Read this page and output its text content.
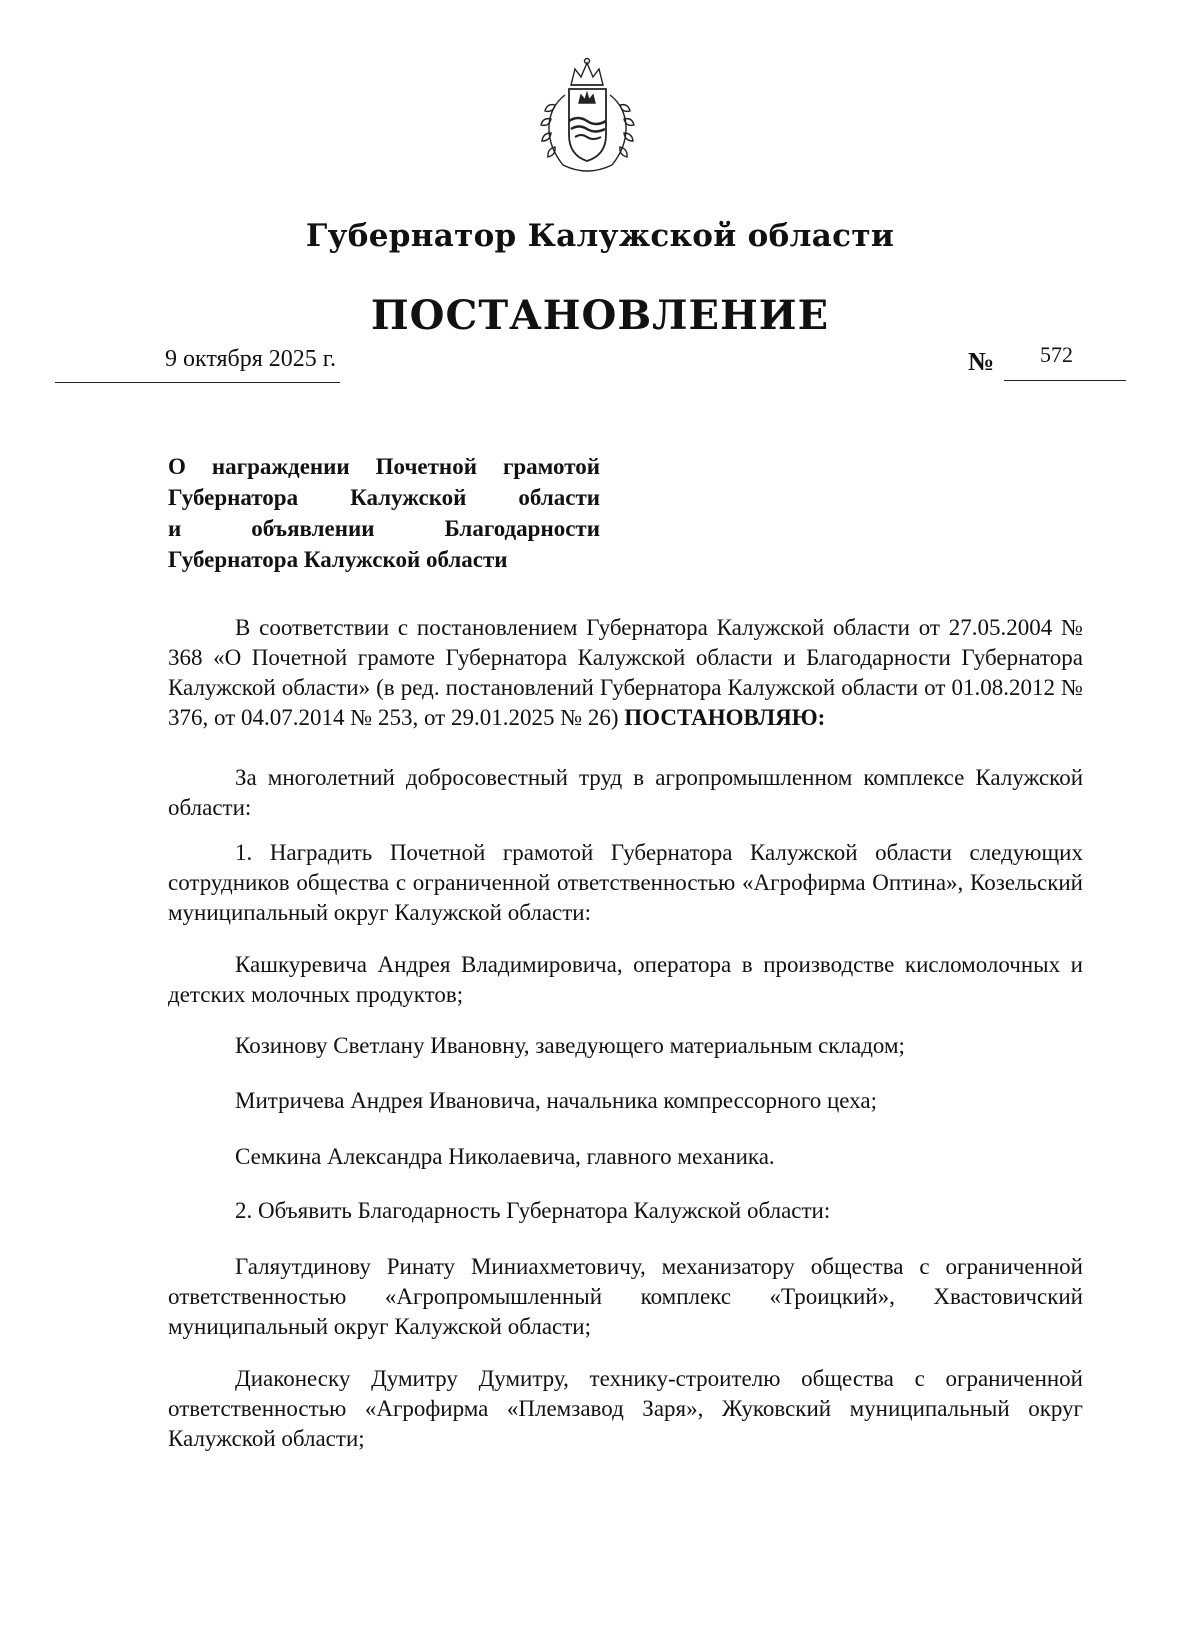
Губернатор Калужской области
ПОСТАНОВЛЕНИЕ
9 октября 2025 г.	№ 572
О награждении Почетной грамотой
Губернатора Калужской области
и объявлении Благодарности
Губернатора Калужской области

В соответствии с постановлением Губернатора Калужской области от 27.05.2004 № 368 «О Почетной грамоте Губернатора Калужской области и Благодарности Губернатора Калужской области» (в ред. постановлений Губернатора Калужской области от 01.08.2012 № 376, от 04.07.2014 № 253, от 29.01.2025 № 26) ПОСТАНОВЛЯЮ:

За многолетний добросовестный труд в агропромышленном комплексе Калужской области:

1. Наградить Почетной грамотой Губернатора Калужской области следующих сотрудников общества с ограниченной ответственностью «Агрофирма Оптина», Козельский муниципальный округ Калужской области:

Кашкуревича Андрея Владимировича, оператора в производстве кисломолочных и детских молочных продуктов;

Козинову Светлану Ивановну, заведующего материальным складом;

Митричева Андрея Ивановича, начальника компрессорного цеха;

Семкина Александра Николаевича, главного механика.

2. Объявить Благодарность Губернатора Калужской области:

Галяутдинову Ринату Миниахметовичу, механизатору общества с ограниченной ответственностью «Агропромышленный комплекс «Троицкий», Хвастовичский муниципальный округ Калужской области;

Диаконеску Думитру Думитру, технику-строителю общества с ограниченной ответственностью «Агрофирма «Племзавод Заря», Жуковский муниципальный округ Калужской области;
